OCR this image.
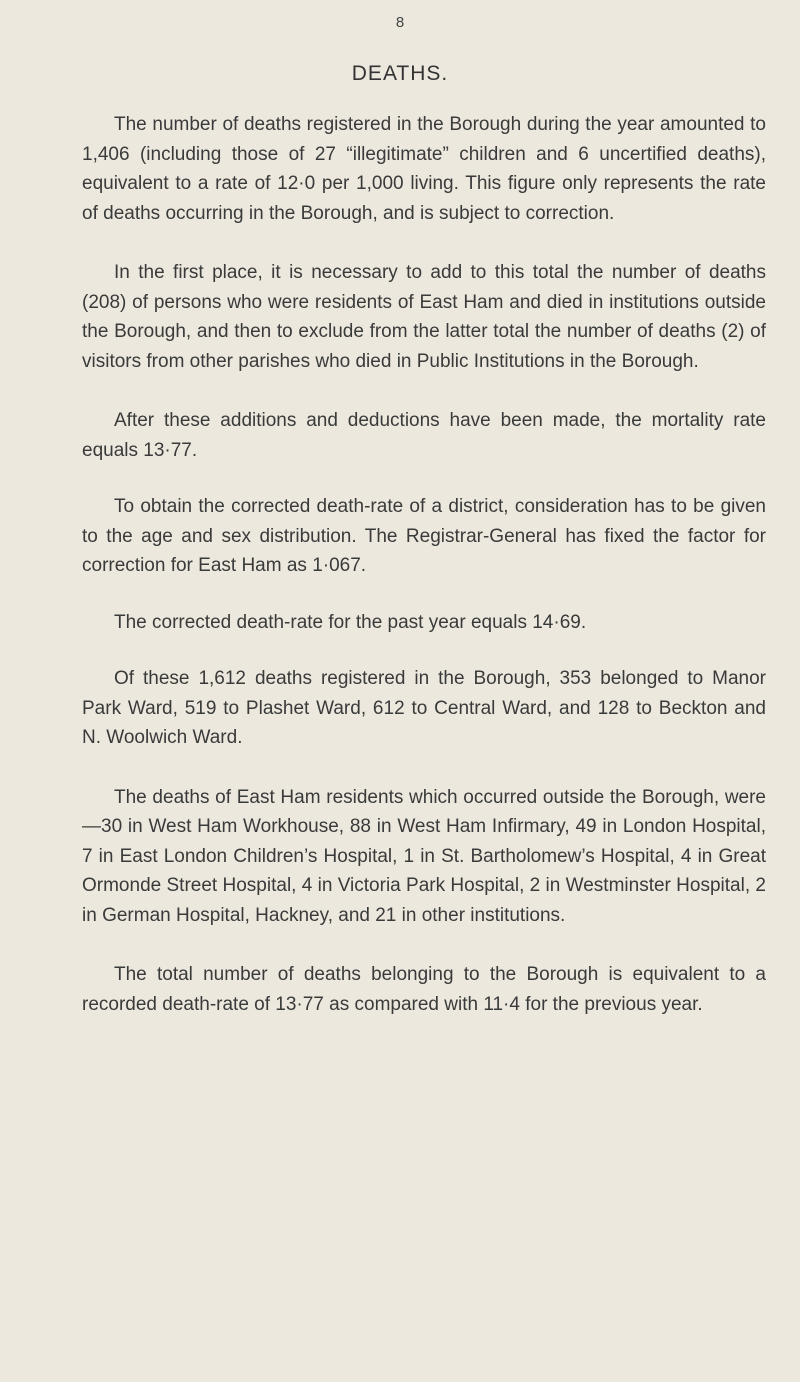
8
DEATHS.

The number of deaths registered in the Borough during the year amounted to 1,406 (including those of 27 “illegitimate” children and 6 uncertified deaths), equivalent to a rate of 12·0 per 1,000 living. This figure only represents the rate of deaths occurring in the Borough, and is subject to correction.

In the first place, it is necessary to add to this total the number of deaths (208) of persons who were residents of East Ham and died in institutions outside the Borough, and then to exclude from the latter total the number of deaths (2) of visitors from other parishes who died in Public Institutions in the Borough.

After these additions and deductions have been made, the mortality rate equals 13·77.

To obtain the corrected death-rate of a district, consideration has to be given to the age and sex distribution. The Registrar-General has fixed the factor for correction for East Ham as 1·067.

The corrected death-rate for the past year equals 14·69.

Of these 1,612 deaths registered in the Borough, 353 belonged to Manor Park Ward, 519 to Plashet Ward, 612 to Central Ward, and 128 to Beckton and N. Woolwich Ward.

The deaths of East Ham residents which occurred outside the Borough, were—30 in West Ham Workhouse, 88 in West Ham Infirmary, 49 in London Hospital, 7 in East London Children’s Hospital, 1 in St. Bartholomew’s Hospital, 4 in Great Ormonde Street Hospital, 4 in Victoria Park Hospital, 2 in Westminster Hospital, 2 in German Hospital, Hackney, and 21 in other institutions.

The total number of deaths belonging to the Borough is equivalent to a recorded death-rate of 13·77 as compared with 11·4 for the previous year.
